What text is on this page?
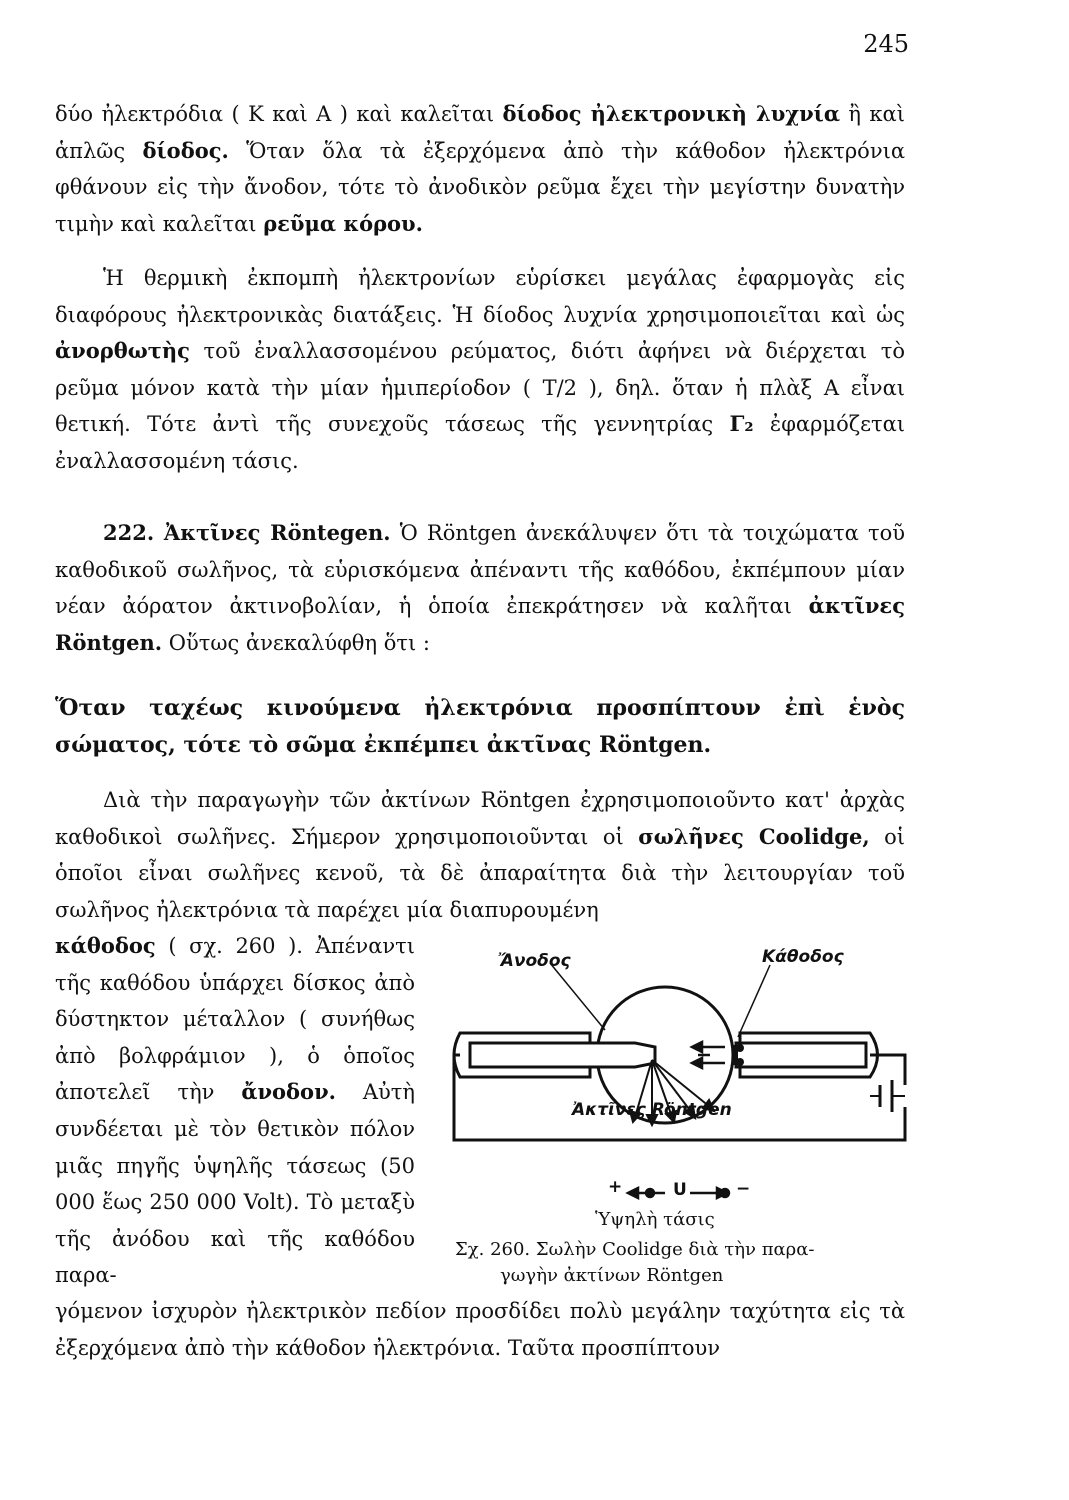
245

δύο ἠλεκτρόδια ( Κ καὶ Α ) καὶ καλεῖται δίοδος ἠλεκτρονικὴ λυχνία ἢ καὶ ἁπλῶς δίοδος. Ὅταν ὅλα τὰ ἐξερχόμενα ἀπὸ τὴν κάθοδον ἠλεκτρόνια φθάνουν εἰς τὴν ἄνοδον, τότε τὸ ἀνοδικὸν ρεῦμα ἔχει τὴν μεγίστην δυνατὴν τιμὴν καὶ καλεῖται ρεῦμα κόρου.

Ἡ θερμικὴ ἐκπομπὴ ἠλεκτρονίων εὑρίσκει μεγάλας ἐφαρμογὰς εἰς διαφόρους ἠλεκτρονικὰς διατάξεις. Ἡ δίοδος λυχνία χρησιμοποιεῖται καὶ ὡς ἀνορθωτὴς τοῦ ἐναλλασσομένου ρεύματος, διότι ἀφήνει νὰ διέρχεται τὸ ρεῦμα μόνον κατὰ τὴν μίαν ἡμιπερίοδον ( Τ/2 ), δηλ. ὅταν ἡ πλὰξ Α εἶναι θετική. Τότε ἀντὶ τῆς συνεχοῦς τάσεως τῆς γεννητρίας Γ₂ ἐφαρμόζεται ἐναλλασσομένη τάσις.

222. Ἀκτῖνες Röntegen. Ὁ Röntgen ἀνεκάλυψεν ὅτι τὰ τοιχώματα τοῦ καθοδικοῦ σωλῆνος, τὰ εὑρισκόμενα ἀπέναντι τῆς καθόδου, ἐκπέμπουν μίαν νέαν ἀόρατον ἀκτινοβολίαν, ἡ ὁποία ἐπεκράτησεν νὰ καλῆται ἀκτῖνες Röntgen. Οὕτως ἀνεκαλύφθη ὅτι :

Ὅταν ταχέως κινούμενα ἠλεκτρόνια προσπίπτουν ἐπὶ ἑνὸς σώματος, τότε τὸ σῶμα ἐκπέμπει ἀκτῖνας Röntgen.

Διὰ τὴν παραγωγὴν τῶν ἀκτίνων Röntgen ἐχρησιμοποιοῦντο κατ' ἀρχὰς καθοδικοὶ σωλῆνες. Σήμερον χρησιμοποιοῦνται οἱ σωλῆνες Coolidge, οἱ ὁποῖοι εἶναι σωλῆνες κενοῦ, τὰ δὲ ἀπαραίτητα διὰ τὴν λειτουργίαν τοῦ σωλῆνος ἠλεκτρόνια τὰ παρέχει μία διαπυρουμένη

κάθοδος ( σχ. 260 ). Ἀπέναντι τῆς καθόδου ὑπάρχει δίσκος ἀπὸ δύστηκτον μέταλλον ( συνήθως ἀπὸ βολφράμιον ), ὁ ὁποῖος ἀποτελεῖ τὴν ἄνοδον. Αὐτὴ συνδέεται μὲ τὸν θετικὸν πόλον μιᾶς πηγῆς ὑψηλῆς τάσεως (50 000 ἕως 250 000 Volt). Τὸ μεταξὺ τῆς ἀνόδου καὶ τῆς καθόδου παρα-

γόμενον ἰσχυρὸν ἠλεκτρικὸν πεδίον προσδίδει πολὺ μεγάλην ταχύτητα εἰς τὰ ἐξερχόμενα ἀπὸ τὴν κάθοδον ἠλεκτρόνια. Ταῦτα προσπίπτουν

Ἄνοδος	Κάθοδος
Ἀκτῖνες Röntgen
+	U	−
Ὑψηλὴ τάσις
Σχ. 260. Σωλὴν Coolidge διὰ τὴν παρα-
γωγὴν ἀκτίνων Röntgen
